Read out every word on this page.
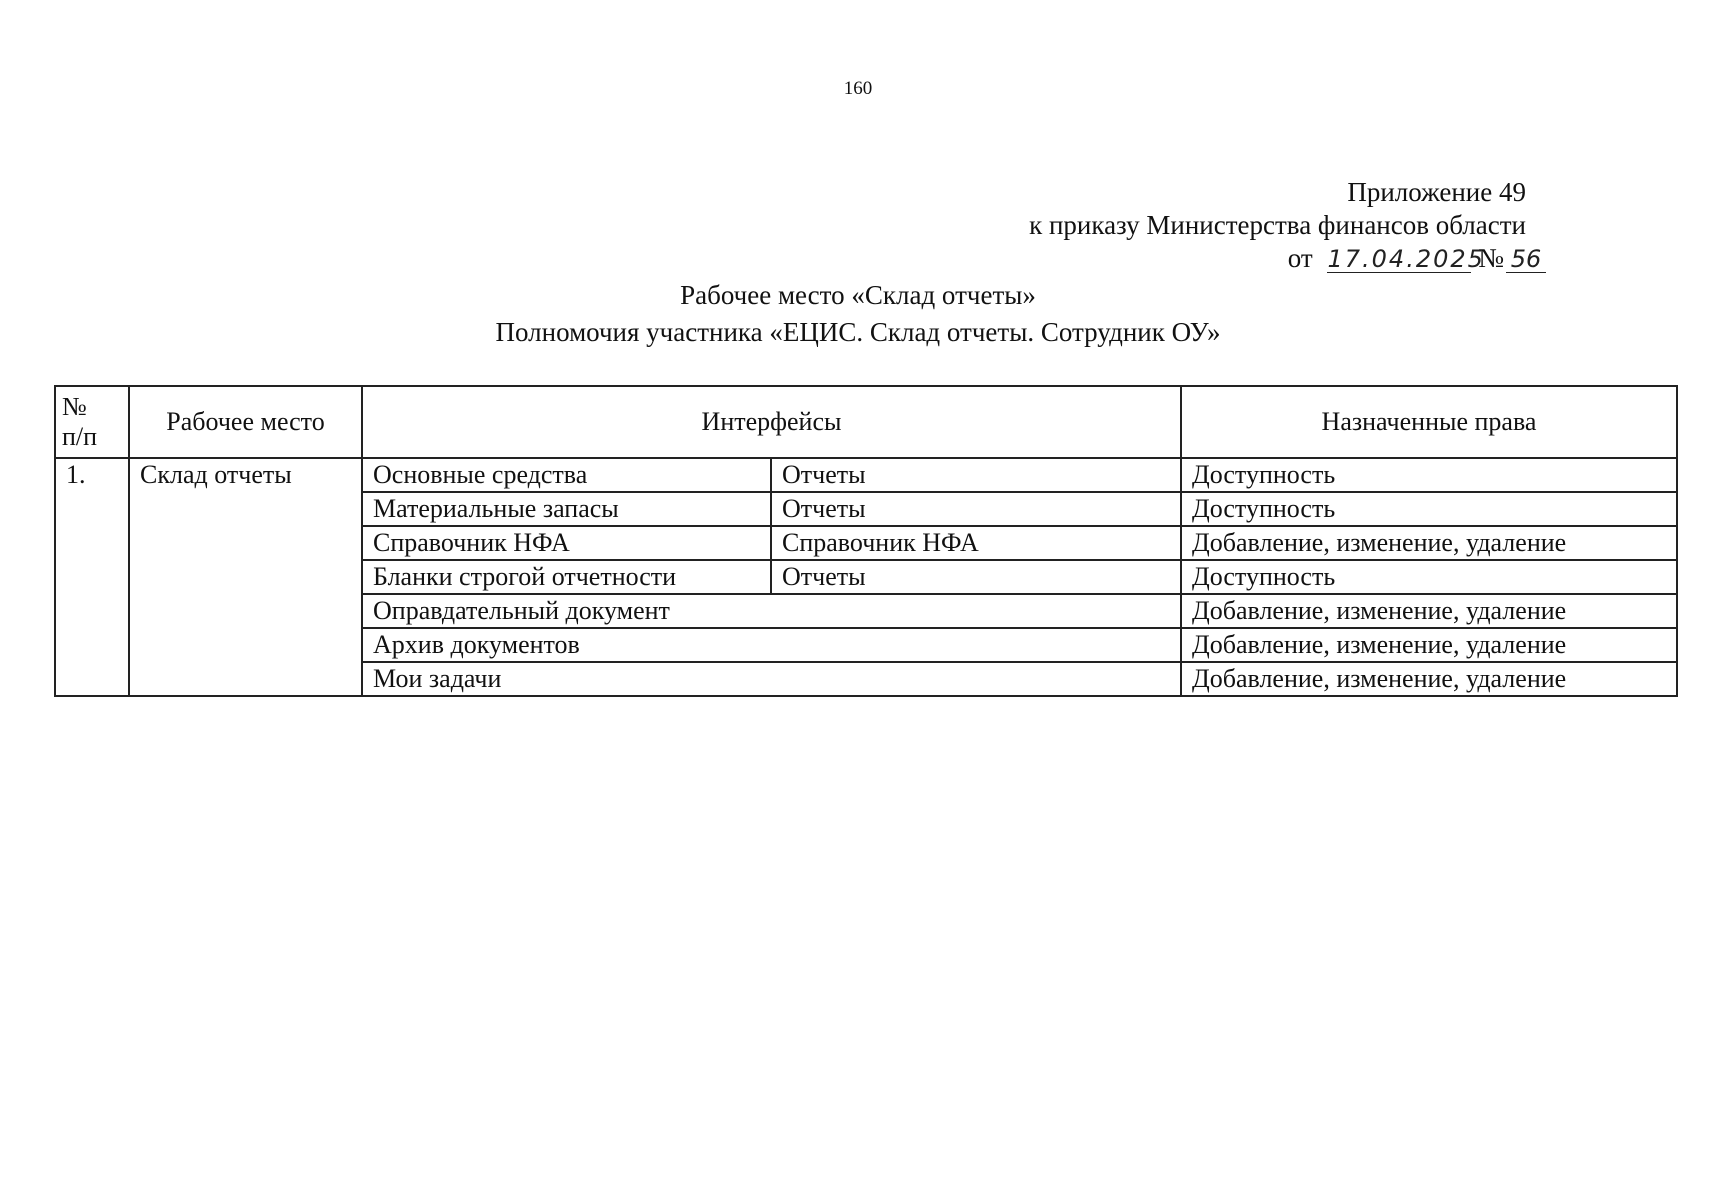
160
Приложение 49
к приказу Министерства финансов области
от 17.04.2025 № 56
Рабочее место «Склад отчеты»
Полномочия участника «ЕЦИС. Склад отчеты. Сотрудник ОУ»
№
п/п	Рабочее место	Интерфейсы		Назначенные права
1.	Склад отчеты	Основные средства	Отчеты	Доступность
		Материальные запасы	Отчеты	Доступность
		Справочник НФА	Справочник НФА	Добавление, изменение, удаление
		Бланки строгой отчетности	Отчеты	Доступность
		Оправдательный документ		Добавление, изменение, удаление
		Архив документов		Добавление, изменение, удаление
		Мои задачи		Добавление, изменение, удаление
